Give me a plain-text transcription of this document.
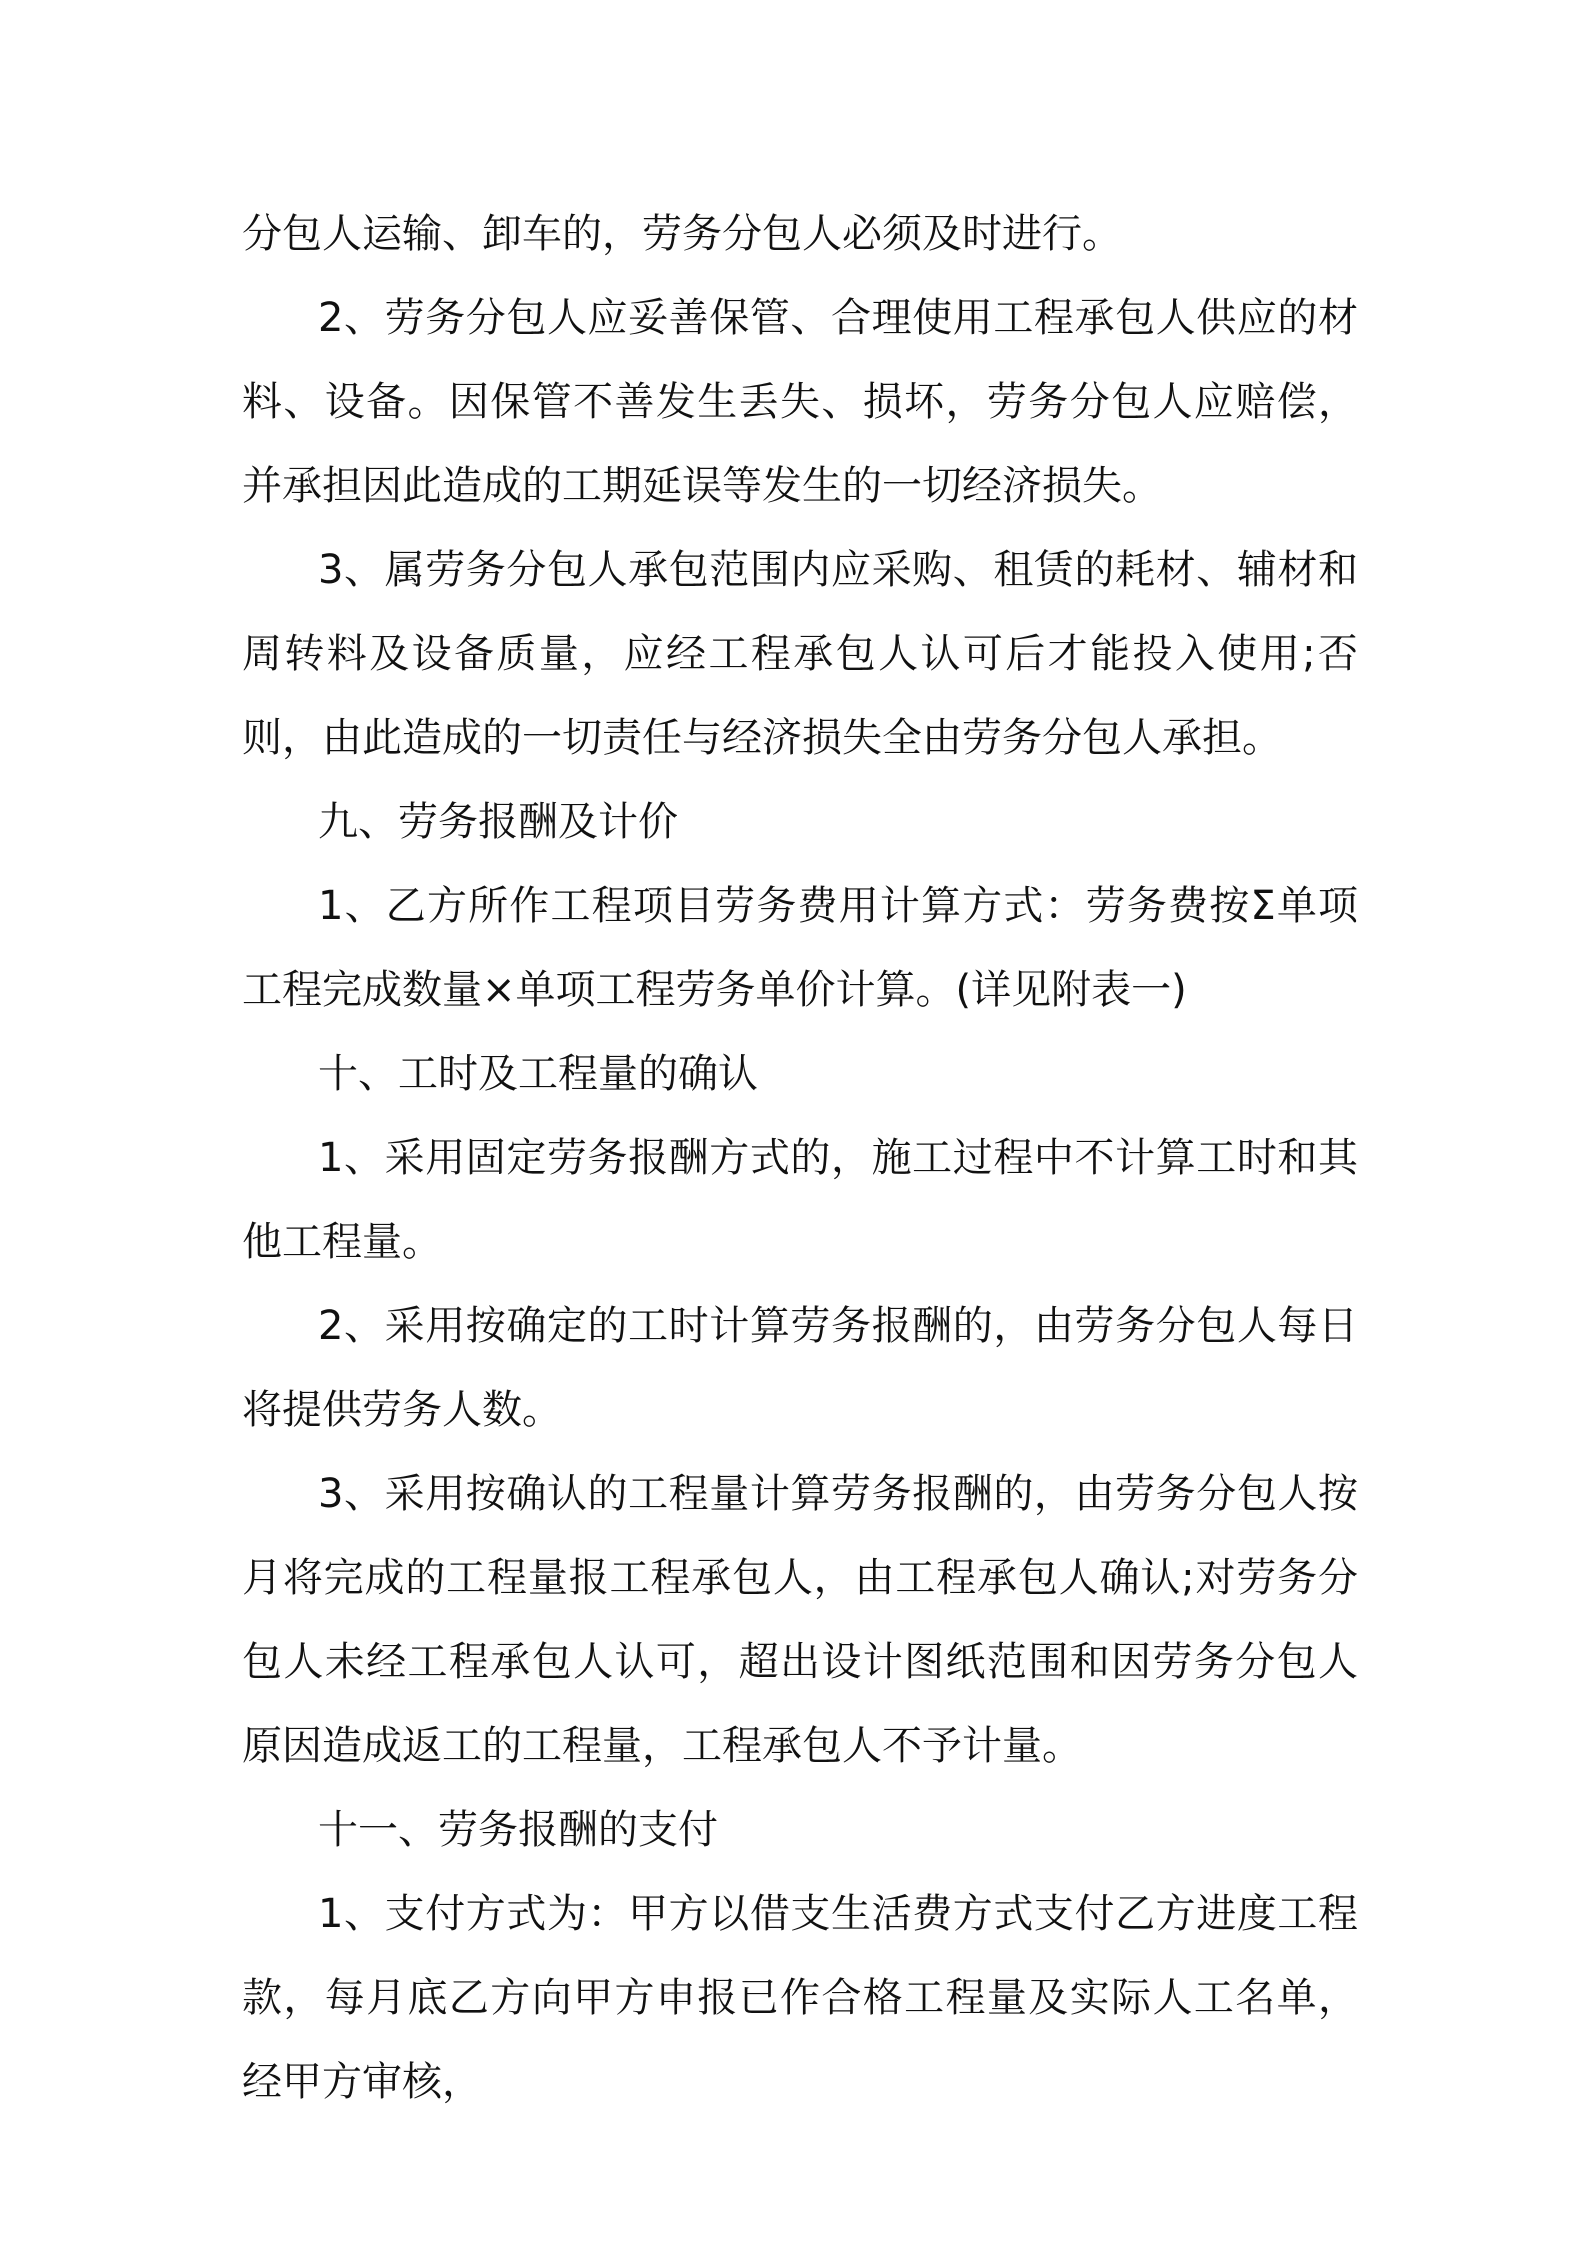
分包人运输、卸车的，劳务分包人必须及时进行。

2、劳务分包人应妥善保管、合理使用工程承包人供应的材料、设备。因保管不善发生丢失、损坏，劳务分包人应赔偿，并承担因此造成的工期延误等发生的一切经济损失。

3、属劳务分包人承包范围内应采购、租赁的耗材、辅材和周转料及设备质量，应经工程承包人认可后才能投入使用;否则，由此造成的一切责任与经济损失全由劳务分包人承担。

九、劳务报酬及计价

1、乙方所作工程项目劳务费用计算方式：劳务费按Σ单项工程完成数量×单项工程劳务单价计算。(详见附表一)

十、工时及工程量的确认

1、采用固定劳务报酬方式的，施工过程中不计算工时和其他工程量。

2、采用按确定的工时计算劳务报酬的，由劳务分包人每日将提供劳务人数。

3、采用按确认的工程量计算劳务报酬的，由劳务分包人按月将完成的工程量报工程承包人，由工程承包人确认;对劳务分包人未经工程承包人认可，超出设计图纸范围和因劳务分包人原因造成返工的工程量，工程承包人不予计量。

十一、劳务报酬的支付

1、支付方式为：甲方以借支生活费方式支付乙方进度工程款，每月底乙方向甲方申报已作合格工程量及实际人工名单，经甲方审核，
